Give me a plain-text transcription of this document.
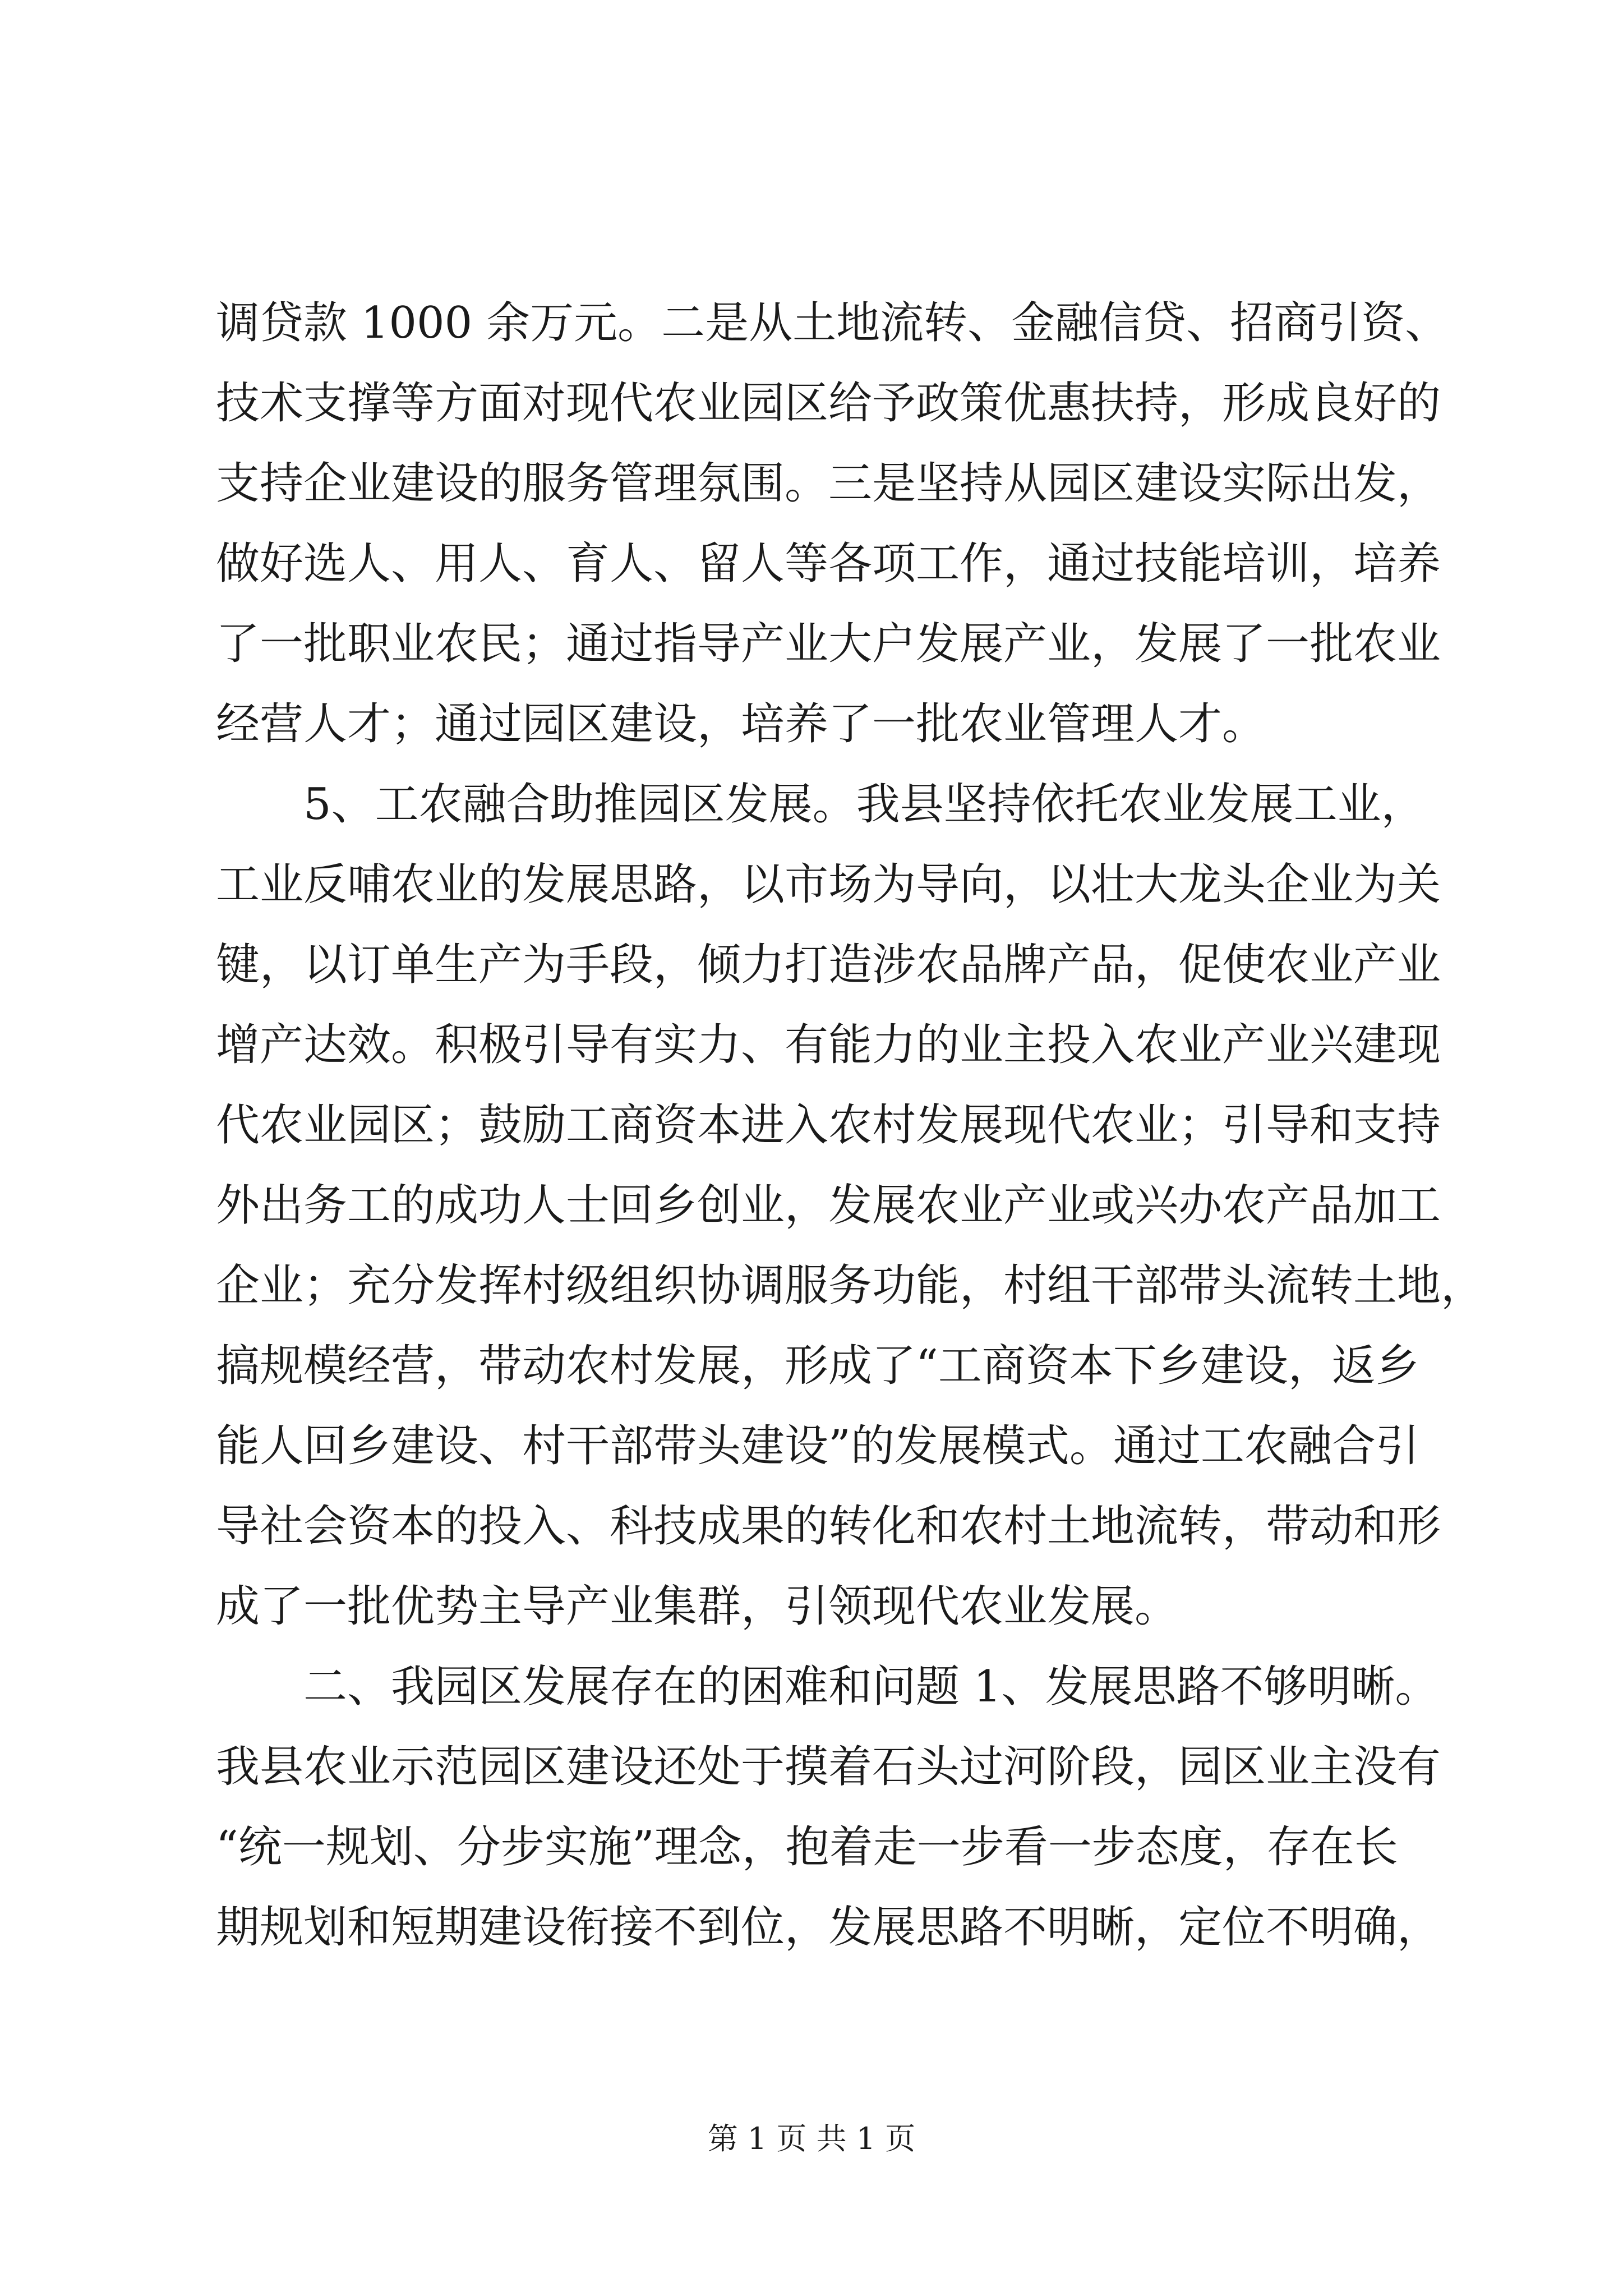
调贷款 1000 余万元。二是从土地流转、金融信贷、招商引资、
技术支撑等方面对现代农业园区给予政策优惠扶持，形成良好的
支持企业建设的服务管理氛围。三是坚持从园区建设实际出发，
做好选人、用人、育人、留人等各项工作，通过技能培训，培养
了一批职业农民；通过指导产业大户发展产业，发展了一批农业
经营人才；通过园区建设，培养了一批农业管理人才。
　　5、工农融合助推园区发展。我县坚持依托农业发展工业，
工业反哺农业的发展思路，以市场为导向，以壮大龙头企业为关
键，以订单生产为手段，倾力打造涉农品牌产品，促使农业产业
增产达效。积极引导有实力、有能力的业主投入农业产业兴建现
代农业园区；鼓励工商资本进入农村发展现代农业；引导和支持
外出务工的成功人士回乡创业，发展农业产业或兴办农产品加工
企业；充分发挥村级组织协调服务功能，村组干部带头流转土地，
搞规模经营，带动农村发展，形成了“工商资本下乡建设，返乡
能人回乡建设、村干部带头建设”的发展模式。通过工农融合引
导社会资本的投入、科技成果的转化和农村土地流转，带动和形
成了一批优势主导产业集群，引领现代农业发展。
　　二、我园区发展存在的困难和问题 1、发展思路不够明晰。
我县农业示范园区建设还处于摸着石头过河阶段，园区业主没有
“统一规划、分步实施”理念，抱着走一步看一步态度，存在长
期规划和短期建设衔接不到位，发展思路不明晰，定位不明确，
第 1 页 共 1 页
